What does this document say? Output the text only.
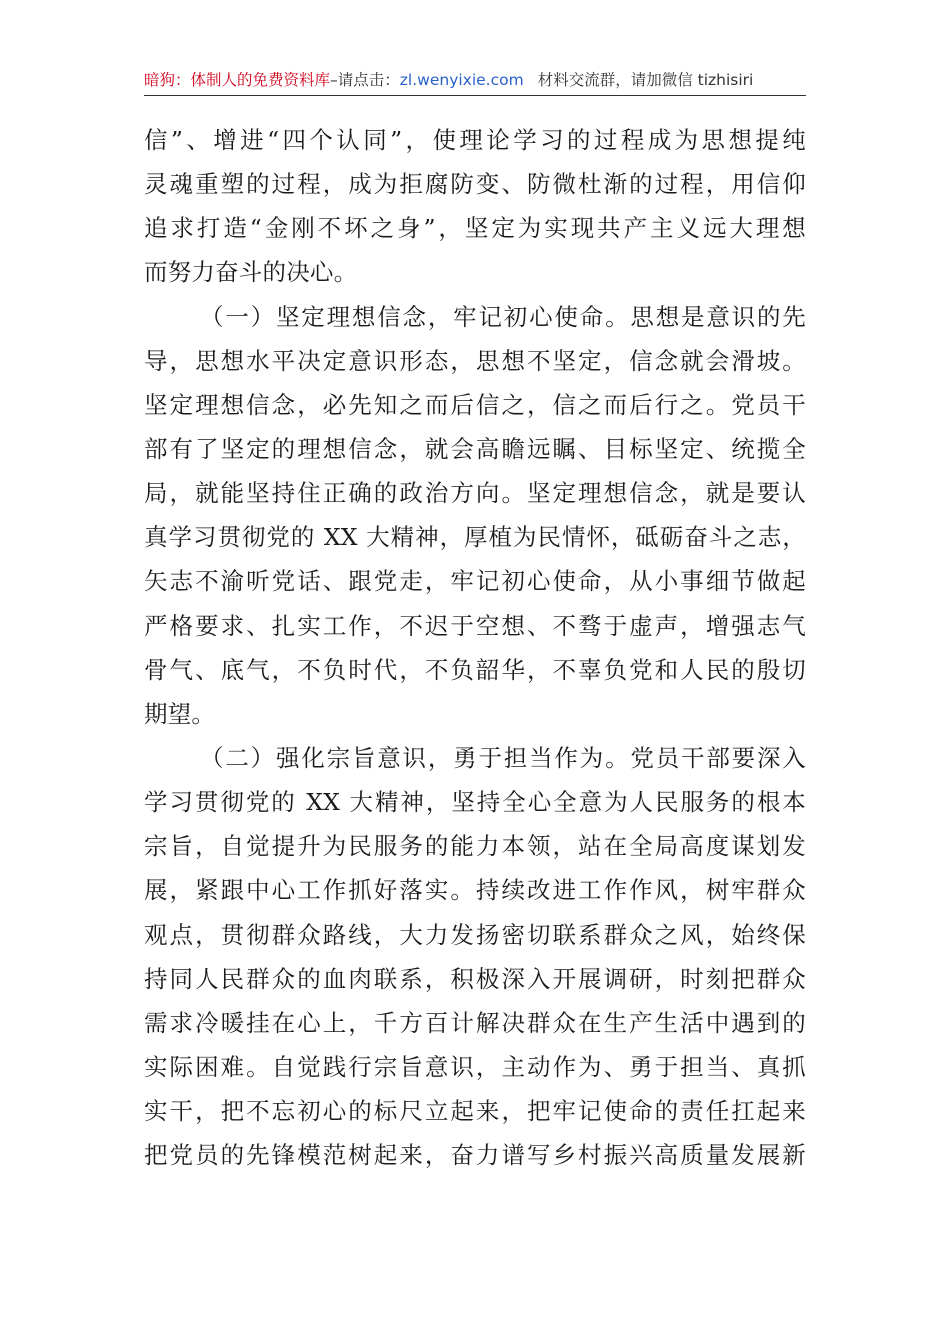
暗狗：体制人的免费资料库–请点击：zl.wenyixie.com 材料交流群，请加微信 tizhisiri
信”、增进“四个认同”，使理论学习的过程成为思想提纯
灵魂重塑的过程，成为拒腐防变、防微杜渐的过程，用信仰
追求打造“金刚不坏之身”，坚定为实现共产主义远大理想
而努力奋斗的决心。
（一）坚定理想信念，牢记初心使命。思想是意识的先
导，思想水平决定意识形态，思想不坚定，信念就会滑坡。
坚定理想信念，必先知之而后信之，信之而后行之。党员干
部有了坚定的理想信念，就会高瞻远瞩、目标坚定、统揽全
局，就能坚持住正确的政治方向。坚定理想信念，就是要认
真学习贯彻党的 XX 大精神，厚植为民情怀，砥砺奋斗之志，
矢志不渝听党话、跟党走，牢记初心使命，从小事细节做起
严格要求、扎实工作，不迟于空想、不骛于虚声，增强志气
骨气、底气，不负时代，不负韶华，不辜负党和人民的殷切
期望。
（二）强化宗旨意识，勇于担当作为。党员干部要深入
学习贯彻党的 XX 大精神，坚持全心全意为人民服务的根本
宗旨，自觉提升为民服务的能力本领，站在全局高度谋划发
展，紧跟中心工作抓好落实。持续改进工作作风，树牢群众
观点，贯彻群众路线，大力发扬密切联系群众之风，始终保
持同人民群众的血肉联系，积极深入开展调研，时刻把群众
需求冷暖挂在心上，千方百计解决群众在生产生活中遇到的
实际困难。自觉践行宗旨意识，主动作为、勇于担当、真抓
实干，把不忘初心的标尺立起来，把牢记使命的责任扛起来
把党员的先锋模范树起来，奋力谱写乡村振兴高质量发展新
